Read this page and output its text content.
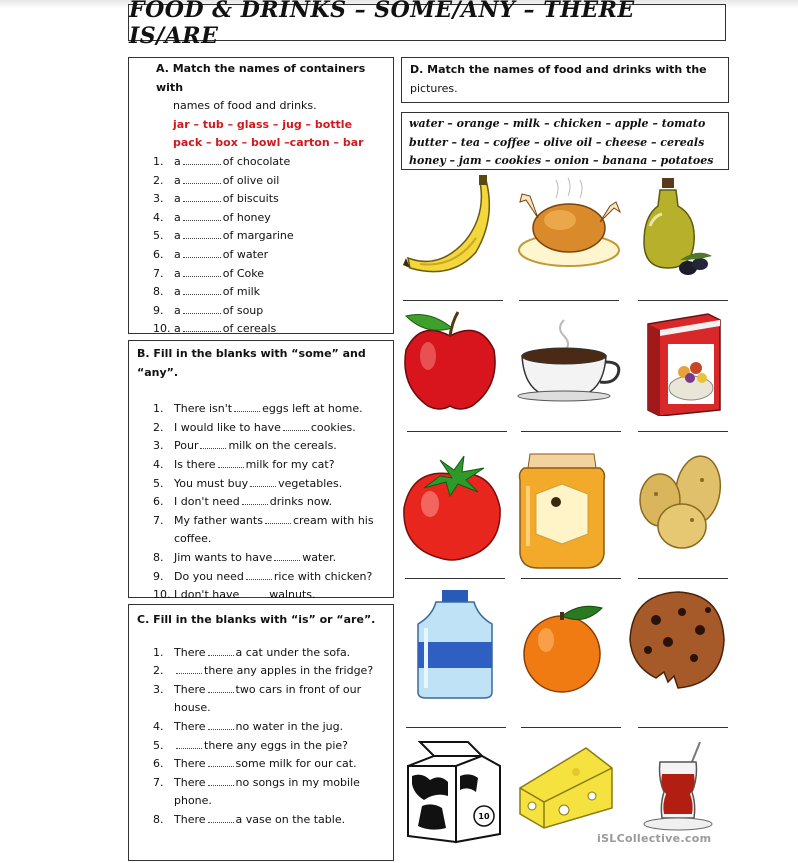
FOOD & DRINKS – SOME/ANY – THERE IS/ARE
A. Match the names of containers with
names of food and drinks.
jar – tub – glass – jug – bottle
pack – box – bowl –carton – bar
1. a	of chocolate
2. a	of olive oil
3. a	of biscuits
4. a	of honey
5. a	of margarine
6. a	of water
7. a	of Coke
8. a	of milk
9. a	of soup
10. a	of cereals
B. Fill in the blanks with “some” and “any”.
1. There isn't	eggs left at home.
2. I would like to have	cookies.
3. Pour	milk on the cereals.
4. Is there	milk for my cat?
5. You must buy	vegetables.
6. I don't need	drinks now.
7. My father wants	cream with his
coffee.
8. Jim wants to have	water.
9. Do you need	rice with chicken?
10. I don't have	walnuts.
C. Fill in the blanks with “is” or “are”.
1. There	a cat under the sofa.
2.	there any apples in the fridge?
3. There	two cars in front of our
house.
4. There	no water in the jug.
5.	there any eggs in the pie?
6. There	some milk for our cat.
7. There	no songs in my mobile
phone.
8. There	a vase on the table.
D. Match the names of food and drinks with the
pictures.
water – orange – milk – chicken – apple – tomato
butter – tea – coffee – olive oil – cheese – cereals
honey – jam – cookies – onion – banana – potatoes
10
iSLCollective.com
